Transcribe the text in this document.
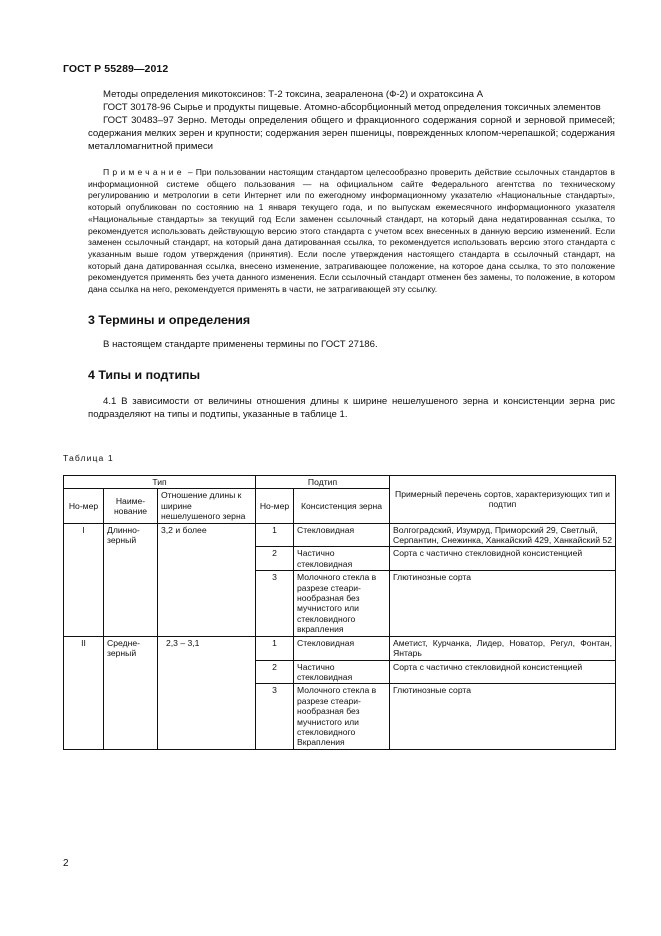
ГОСТ Р 55289—2012

Методы определения микотоксинов: Т-2 токсина, зеараленона (Ф-2) и охратоксина А

ГОСТ 30178-96 Сырье и продукты пищевые. Атомно-абсорбционный метод определения токсичных элементов

ГОСТ 30483–97 Зерно. Методы определения общего и фракционного содержания сорной и зерновой примесей; содержания мелких зерен и крупности; содержания зерен пшеницы, поврежденных клопом-черепашкой; содержания металломагнитной примеси

Примечание – При пользовании настоящим стандартом целесообразно проверить действие ссылочных стандартов в информационной системе общего пользования — на официальном сайте Федерального агентства по техническому регулированию и метрологии в сети Интернет или по ежегодному информационному указателю «Национальные стандарты», который опубликован по состоянию на 1 января текущего года, и по выпускам ежемесячного информационного указателя «Национальные стандарты» за текущий год Если заменен ссылочный стандарт, на который дана недатированная ссылка, то рекомендуется использовать действующую версию этого стандарта с учетом всех внесенных в данную версию изменений. Если заменен ссылочный стандарт, на который дана датированная ссылка, то рекомендуется использовать версию этого стандарта с указанным выше годом утверждения (принятия). Если после утверждения настоящего стандарта в ссылочный стандарт, на который дана датированная ссылка, внесено изменение, затрагивающее положение, на которое дана ссылка, то это положение рекомендуется применять без учета данного изменения. Если ссылочный стандарт отменен без замены, то положение, в котором дана ссылка на него, рекомендуется применять в части, не затрагивающей эту ссылку.

3 Термины и определения

В настоящем стандарте применены термины по ГОСТ 27186.

4 Типы и подтипы

4.1 В зависимости от величины отношения длины к ширине нешелушеного зерна и консистенции зерна рис подразделяют на типы и подтипы, указанные в таблице 1.

Таблица 1
Тип			Подтип		Примерный перечень сортов, характеризующих тип и подтип
Но-мер	Наиме-нование	Отношение длины к ширине нешелушеного зерна	Но-мер	Консистенция зерна	
I	Длинно-зерный	3,2 и более	1	Стекловидная	Волгоградский, Изумруд, Приморский 29, Светлый, Серпантин, Снежинка, Ханкайский 429, Ханкайский 52
			2	Частично стекловидная	Сорта с частично стекловидной консистенцией
			3	Молочного стекла в разрезе стеари-нообразная без мучнистого или стекловидного вкрапления	Глютинозные сорта
II	Средне-зерный	2,3 – 3,1	1	Стекловидная	Аметист, Курчанка, Лидер, Новатор, Регул, Фонтан, Янтарь
			2	Частично стекловидная	Сорта с частично стекловидной консистенцией
			3	Молочного стекла в разрезе стеари-нообразная без мучнистого или стекловидного Вкрапления	Глютинозные сорта
2
